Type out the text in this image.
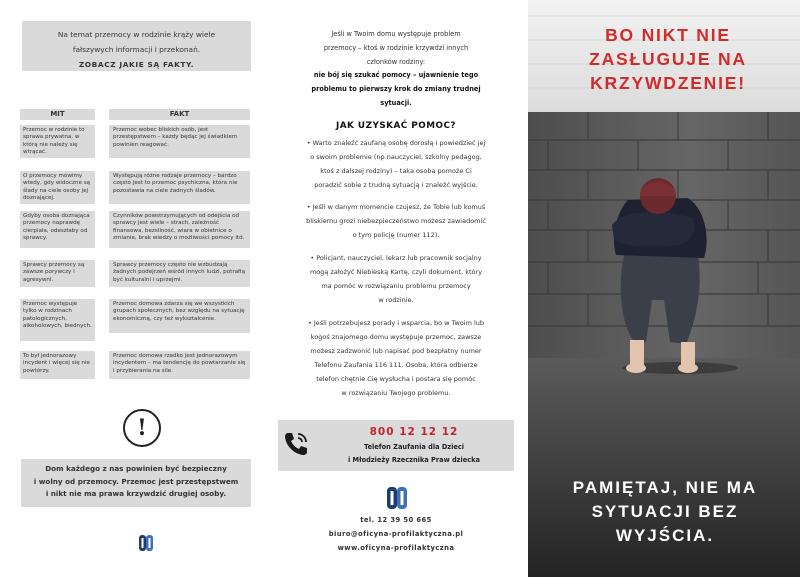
Na temat przemocy w rodzinie krąży wiele
fałszywych informacji i przekonań.
ZOBACZ JAKIE SĄ FAKTY.
MIT	FAKT
Przemoc w rodzinie to sprawa prywatna, w którą nie należy się wtrącać.
Przemoc wobec bliskich osób, jest przestępstwem – każdy będąc jej świadkiem powinien reagować.
O przemocy mówimy wtedy, gdy widoczne są ślady na ciele osoby jej doznającej.
Występują różne rodzaje przemocy – bardzo często jest to przemoc psychiczna, która nie pozostawia na ciele żadnych śladów.
Gdyby osoba doznająca przemocy naprawdę cierpiała, odeszłaby od sprawcy.
Czynników powstrzymujących od odejścia od sprawcy jest wiele – strach, zależność finansowa, bezsilność, wiara w obietnice o zmianie, brak wiedzy o możliwości pomocy itd.
Sprawcy przemocy są zawsze porywczy i agresywni.
Sprawcy przemocy często nie wzbudzają żadnych podejrzeń wśród innych ludzi, potrafią być kulturalni i uprzejmi.
Przemoc występuje tylko w rodzinach patologicznych, alkoholowych, biednych.
Przemoc domowa zdarza się we wszystkich grupach społecznych, bez względu na sytuację ekonomiczną, czy też wykształcenie.
To był jednorazowy incydent i więcej się nie powtórzy.
Przemoc domowa rzadko jest jednorazowym incydentem – ma tendencję do powtarzanie się i przybierania na sile.
!
Dom każdego z nas powinien być bezpieczny
i wolny od przemocy. Przemoc jest przestępstwem
i nikt nie ma prawa krzywdzić drugiej osoby.
Jeśli w Twoim domu występuje problem
przemocy – ktoś w rodzinie krzywdzi innych
członków rodziny:
nie bój się szukać pomocy – ujawnienie tego
problemu to pierwszy krok do zmiany trudnej
sytuacji.
JAK UZYSKAĆ POMOC?
• Warto znaleźć zaufaną osobę dorosłą i powiedzieć jej
o swoim problemie (np.nauczyciel, szkolny pedagog,
ktoś z dalszej rodziny) – taka osoba pomoże Ci
poradzić sobie z trudną sytuacją i znaleźć wyjście.
• Jeśli w danym momencie czujesz, że Tobie lub komuś
bliskiemu grozi niebezpieczeństwo możesz zawiadomić
o tym policję (numer 112).
• Policjant, nauczyciel, lekarz lub pracownik socjalny
mogą założyć Niebieską Kartę, czyli dokument, który
ma pomóc w rozwiązaniu problemu przemocy
w rodzinie.
• Jeśli potrzebujesz porady i wsparcia, bo w Twoim lub
kogoś znajomego domu występuje przemoc, zawsze
możesz zadzwonić lub napisać pod bezpłatny numer
Telefonu Zaufania 116 111. Osoba, która odbierze
telefon chętnie Cię wysłucha i postara się pomóc
w rozwiązaniu Twojego problemu.
800 12 12 12
Telefon Zaufania dla Dzieci
i Młodzieży Rzecznika Praw dziecka
tel. 12 39 50 665
biuro@oficyna-profilaktyczna.pl
www.oficyna-profilaktyczna
BO NIKT NIE
ZASŁUGUJE NA
KRZYWDZENIE!
PAMIĘTAJ, NIE MA
SYTUACJI BEZ
WYJŚCIA.
